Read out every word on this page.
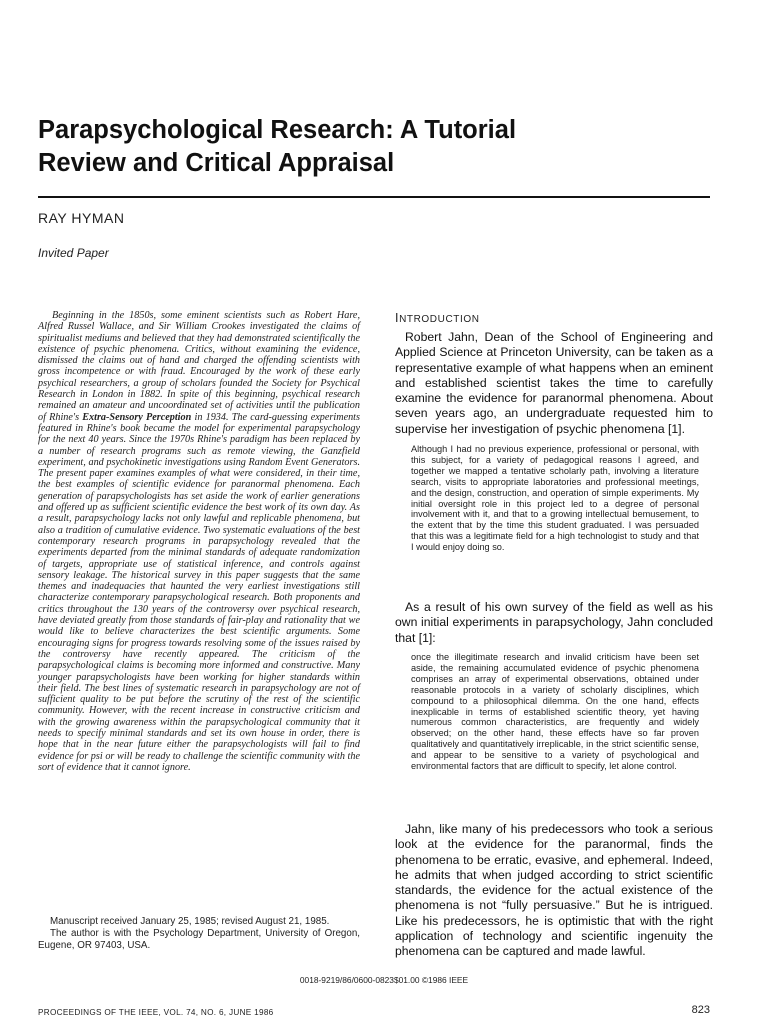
Parapsychological Research: A Tutorial
Review and Critical Appraisal
RAY HYMAN
Invited Paper

Beginning in the 1850s, some eminent scientists such as Robert Hare, Alfred Russel Wallace, and Sir William Crookes investigated the claims of spiritualist mediums and believed that they had demonstrated scientifically the existence of psychic phenomena. Critics, without examining the evidence, dismissed the claims out of hand and charged the offending scientists with gross incompetence or with fraud. Encouraged by the work of these early psychical researchers, a group of scholars founded the Society for Psychical Research in London in 1882. In spite of this beginning, psychical research remained an amateur and uncoordinated set of activities until the publication of Rhine's Extra-Sensory Perception in 1934. The card-guessing experiments featured in Rhine's book became the model for experimental parapsychology for the next 40 years. Since the 1970s Rhine's paradigm has been replaced by a number of research programs such as remote viewing, the Ganzfield experiment, and psychokinetic investigations using Random Event Generators. The present paper examines examples of what were considered, in their time, the best examples of scientific evidence for paranormal phenomena. Each generation of parapsychologists has set aside the work of earlier generations and offered up as sufficient scientific evidence the best work of its own day. As a result, parapsychology lacks not only lawful and replicable phenomena, but also a tradition of cumulative evidence. Two systematic evaluations of the best contemporary research programs in parapsychology revealed that the experiments departed from the minimal standards of adequate randomization of targets, appropriate use of statistical inference, and controls against sensory leakage. The historical survey in this paper suggests that the same themes and inadequacies that haunted the very earliest investigations still characterize contemporary parapsychological research. Both proponents and critics throughout the 130 years of the controversy over psychical research, have deviated greatly from those standards of fair-play and rationality that we would like to believe characterizes the best scientific arguments. Some encouraging signs for progress towards resolving some of the issues raised by the controversy have recently appeared. The criticism of the parapsychological claims is becoming more informed and constructive. Many younger parapsychologists have been working for higher standards within their field. The best lines of systematic research in parapsychology are not of sufficient quality to be put before the scrutiny of the rest of the scientific community. However, with the recent increase in constructive criticism and with the growing awareness within the parapsychological community that it needs to specify minimal standards and set its own house in order, there is hope that in the near future either the parapsychologists will fail to find evidence for psi or will be ready to challenge the scientific community with the sort of evidence that it cannot ignore.

Manuscript received January 25, 1985; revised August 21, 1985.

The author is with the Psychology Department, University of Oregon, Eugene, OR 97403, USA.

INTRODUCTION

Robert Jahn, Dean of the School of Engineering and Applied Science at Princeton University, can be taken as a representative example of what happens when an eminent and established scientist takes the time to carefully examine the evidence for paranormal phenomena. About seven years ago, an undergraduate requested him to supervise her investigation of psychic phenomena [1].

Although I had no previous experience, professional or personal, with this subject, for a variety of pedagogical reasons I agreed, and together we mapped a tentative scholarly path, involving a literature search, visits to appropriate laboratories and professional meetings, and the design, construction, and operation of simple experiments. My initial oversight role in this project led to a degree of personal involvement with it, and that to a growing intellectual bemusement, to the extent that by the time this student graduated. I was persuaded that this was a legitimate field for a high technologist to study and that I would enjoy doing so.

As a result of his own survey of the field as well as his own initial experiments in parapsychology, Jahn concluded that [1]:

once the illegitimate research and invalid criticism have been set aside, the remaining accumulated evidence of psychic phenomena comprises an array of experimental observations, obtained under reasonable protocols in a variety of scholarly disciplines, which compound to a philosophical dilemma. On the one hand, effects inexplicable in terms of established scientific theory, yet having numerous common characteristics, are frequently and widely observed; on the other hand, these effects have so far proven qualitatively and quantitatively irreplicable, in the strict scientific sense, and appear to be sensitive to a variety of psychological and environmental factors that are difficult to specify, let alone control.

Jahn, like many of his predecessors who took a serious look at the evidence for the paranormal, finds the phenomena to be erratic, evasive, and ephemeral. Indeed, he admits that when judged according to strict scientific standards, the evidence for the actual existence of the phenomena is not “fully persuasive.” But he is intrigued. Like his predecessors, he is optimistic that with the right application of technology and scientific ingenuity the phenomena can be captured and made lawful.

0018-9219/86/0600-0823$01.00 ©1986 IEEE
PROCEEDINGS OF THE IEEE, VOL. 74, NO. 6, JUNE 1986	823
